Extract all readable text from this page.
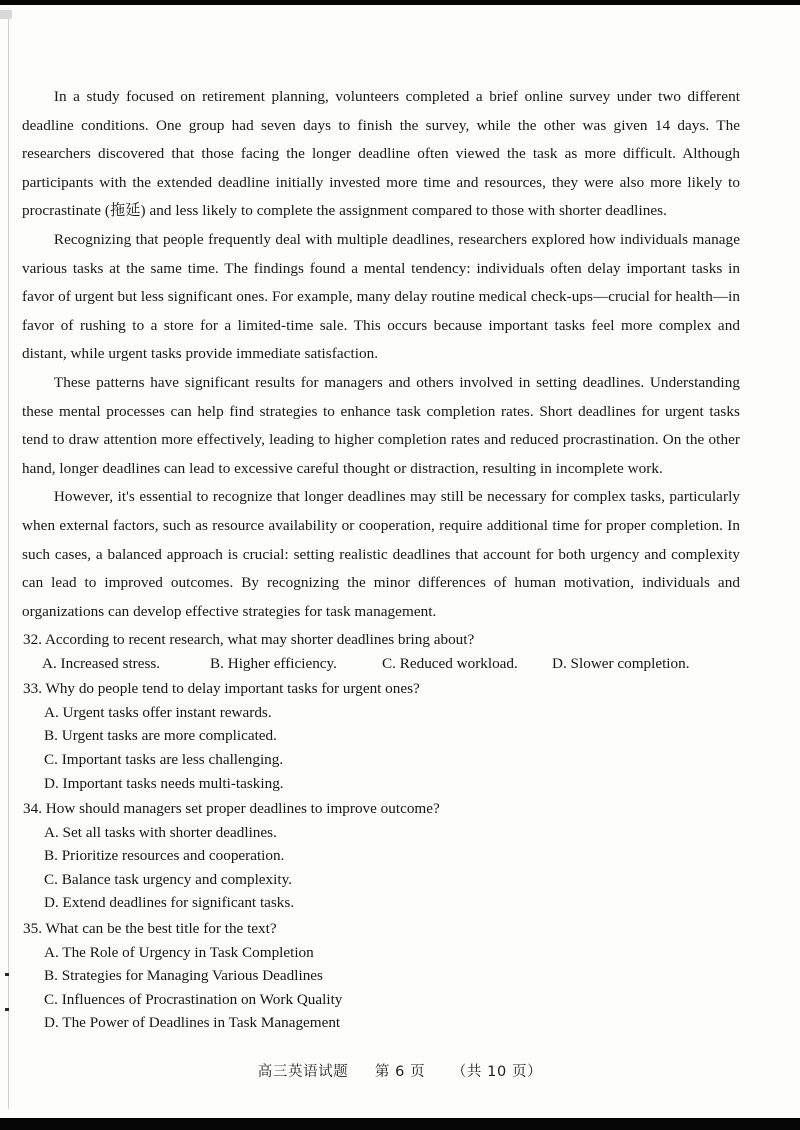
In a study focused on retirement planning, volunteers completed a brief online survey under two different deadline conditions. One group had seven days to finish the survey, while the other was given 14 days. The researchers discovered that those facing the longer deadline often viewed the task as more difficult. Although participants with the extended deadline initially invested more time and resources, they were also more likely to procrastinate (拖延) and less likely to complete the assignment compared to those with shorter deadlines.

Recognizing that people frequently deal with multiple deadlines, researchers explored how individuals manage various tasks at the same time. The findings found a mental tendency: individuals often delay important tasks in favor of urgent but less significant ones. For example, many delay routine medical check-ups—crucial for health—in favor of rushing to a store for a limited-time sale. This occurs because important tasks feel more complex and distant, while urgent tasks provide immediate satisfaction.

These patterns have significant results for managers and others involved in setting deadlines. Understanding these mental processes can help find strategies to enhance task completion rates. Short deadlines for urgent tasks tend to draw attention more effectively, leading to higher completion rates and reduced procrastination. On the other hand, longer deadlines can lead to excessive careful thought or distraction, resulting in incomplete work.

However, it's essential to recognize that longer deadlines may still be necessary for complex tasks, particularly when external factors, such as resource availability or cooperation, require additional time for proper completion. In such cases, a balanced approach is crucial: setting realistic deadlines that account for both urgency and complexity can lead to improved outcomes. By recognizing the minor differences of human motivation, individuals and organizations can develop effective strategies for task management.

32. According to recent research, what may shorter deadlines bring about?
A. Increased stress.	B. Higher efficiency.	C. Reduced workload.	D. Slower completion.
33. Why do people tend to delay important tasks for urgent ones?
A. Urgent tasks offer instant rewards.
B. Urgent tasks are more complicated.
C. Important tasks are less challenging.
D. Important tasks needs multi-tasking.
34. How should managers set proper deadlines to improve outcome?
A. Set all tasks with shorter deadlines.
B. Prioritize resources and cooperation.
C. Balance task urgency and complexity.
D. Extend deadlines for significant tasks.
35. What can be the best title for the text?
A. The Role of Urgency in Task Completion
B. Strategies for Managing Various Deadlines
C. Influences of Procrastination on Work Quality
D. The Power of Deadlines in Task Management
高三英语试题 第 6 页 （共 10 页）
